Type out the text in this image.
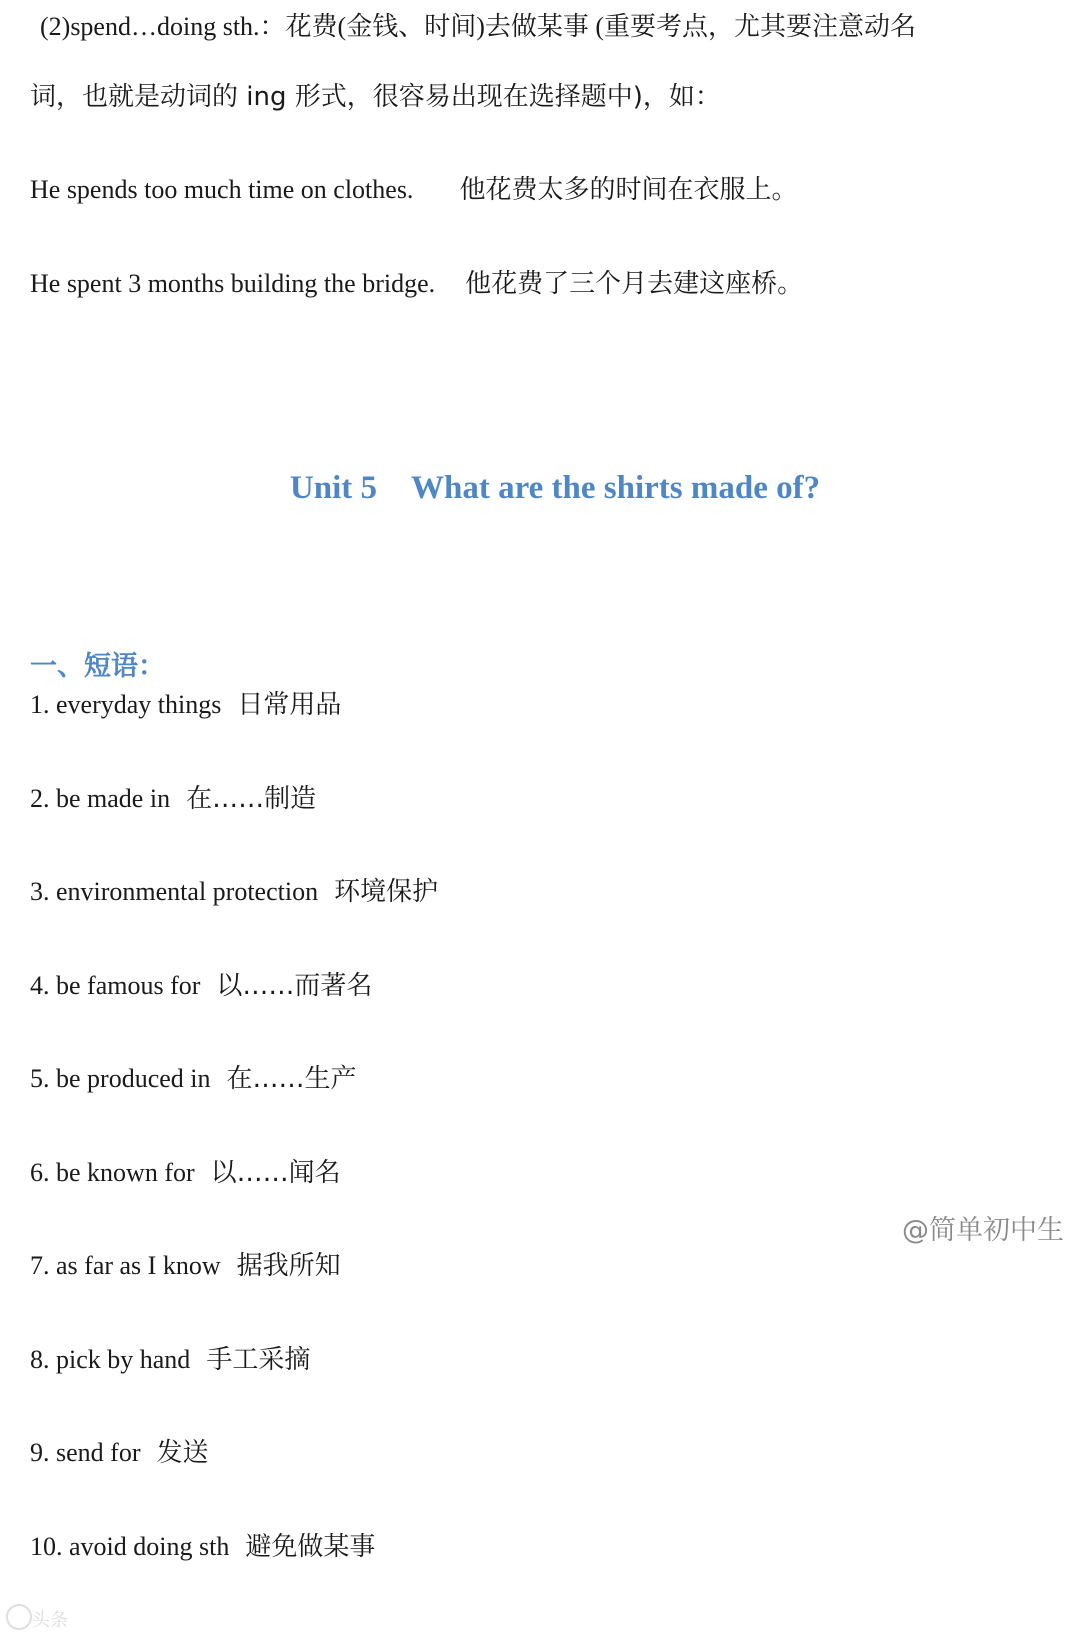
(2)spend…doing sth.：花费(金钱、时间)去做某事 (重要考点，尤其要注意动名
词，也就是动词的 ing 形式，很容易出现在选择题中)，如：
He spends too much time on clothes. 他花费太多的时间在衣服上。
He spent 3 months building the bridge. 他花费了三个月去建这座桥。
Unit 5 What are the shirts made of?
一、短语：
1. everyday things 日常用品
2. be made in 在……制造
3. environmental protection 环境保护
4. be famous for 以……而著名
5. be produced in 在……生产
6. be known for 以……闻名
7. as far as I know 据我所知
8. pick by hand 手工采摘
9. send for 发送
10. avoid doing sth 避免做某事
@简单初中生
头条
